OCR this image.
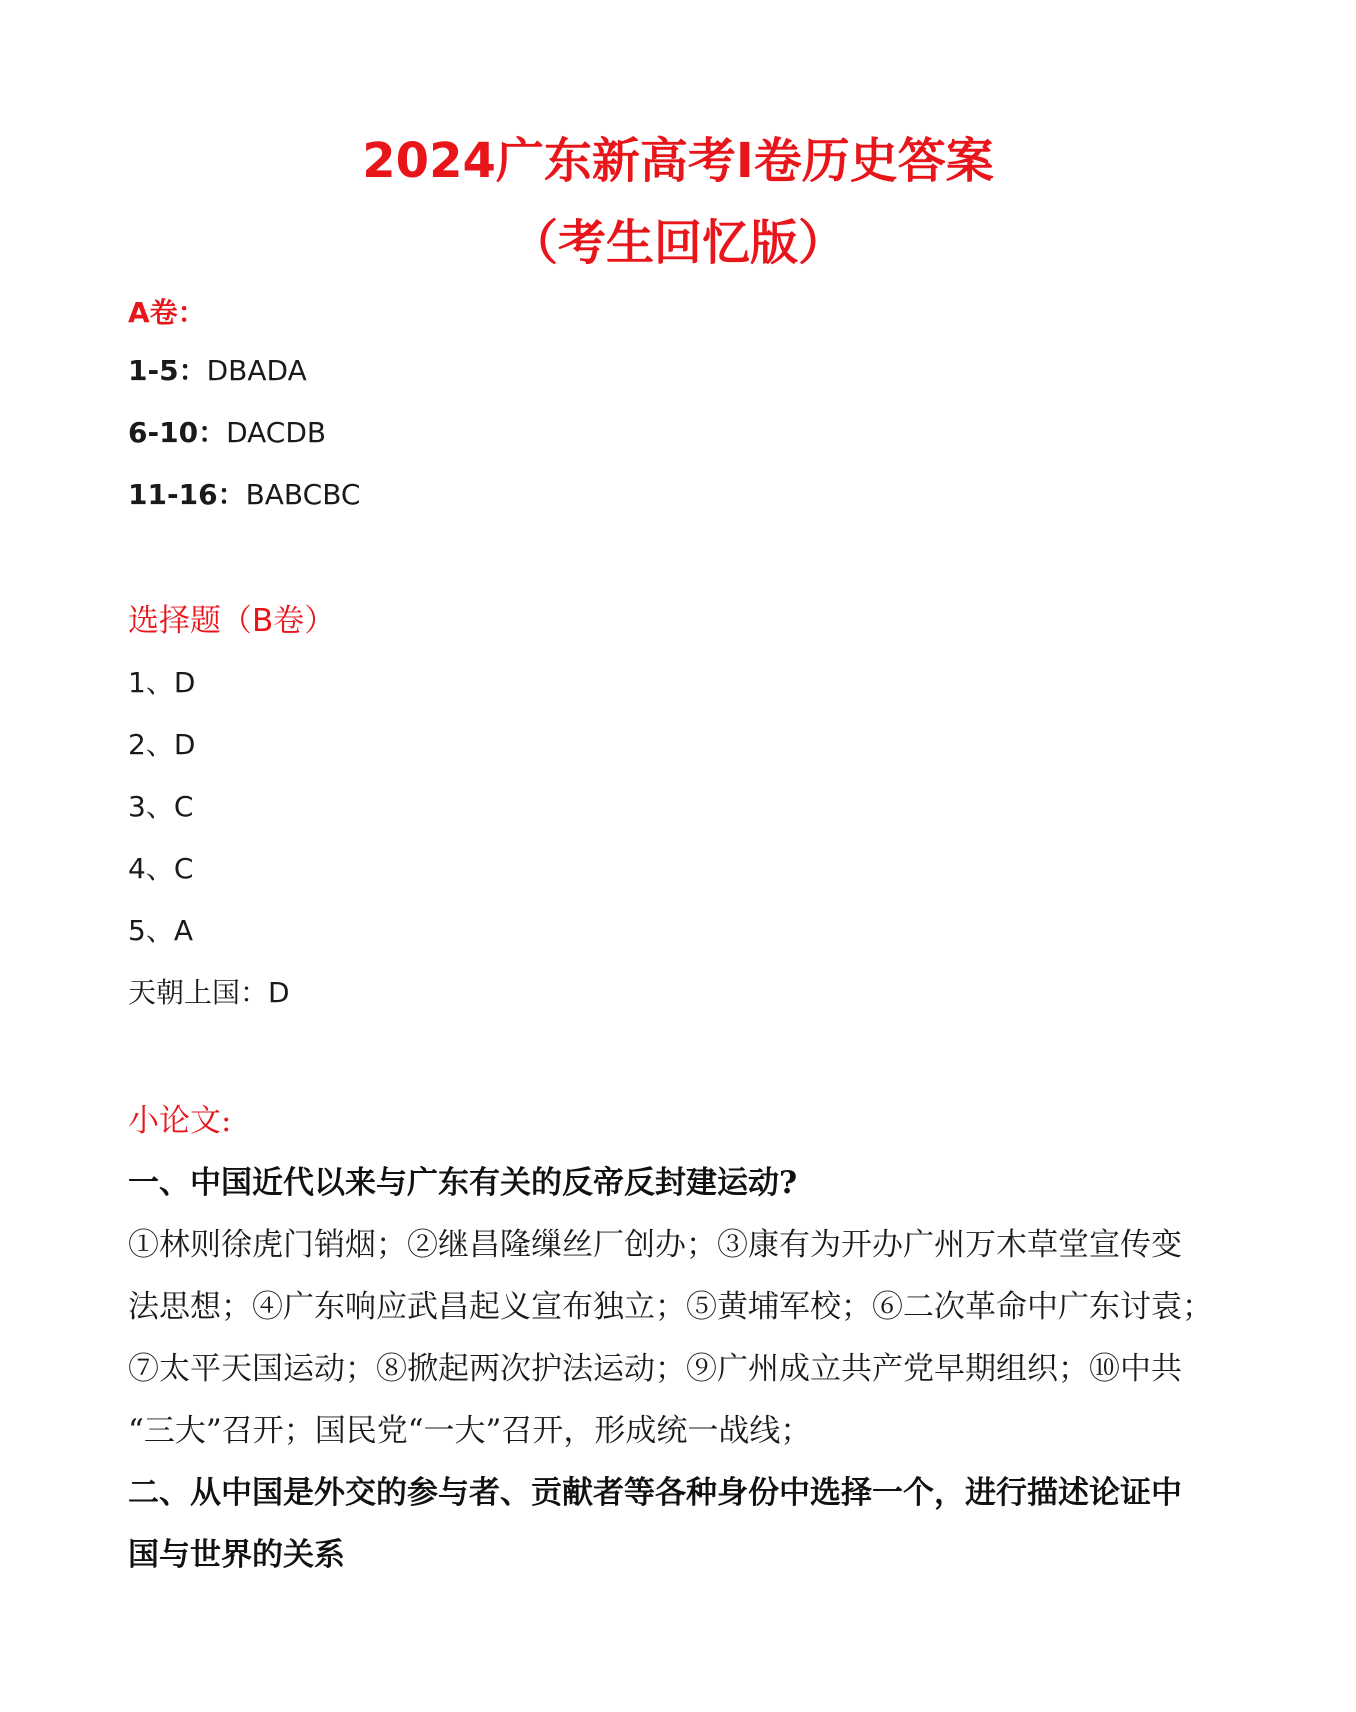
2024广东新高考Ⅰ卷历史答案
（考生回忆版）
A卷：
1-5：DBADA
6-10：DACDB
11-16：BABCBC
选择题（B卷）
1、D
2、D
3、C
4、C
5、A
天朝上国：D
小论文:
一、中国近代以来与广东有关的反帝反封建运动?
①林则徐虎门销烟；②继昌隆缫丝厂创办；③康有为开办广州万木草堂宣传变
法思想；④广东响应武昌起义宣布独立；⑤黄埔军校；⑥二次革命中广东讨袁；
⑦太平天国运动；⑧掀起两次护法运动；⑨广州成立共产党早期组织；⑩中共
“三大”召开；国民党“一大”召开，形成统一战线；
二、从中国是外交的参与者、贡献者等各种身份中选择一个，进行描述论证中
国与世界的关系
